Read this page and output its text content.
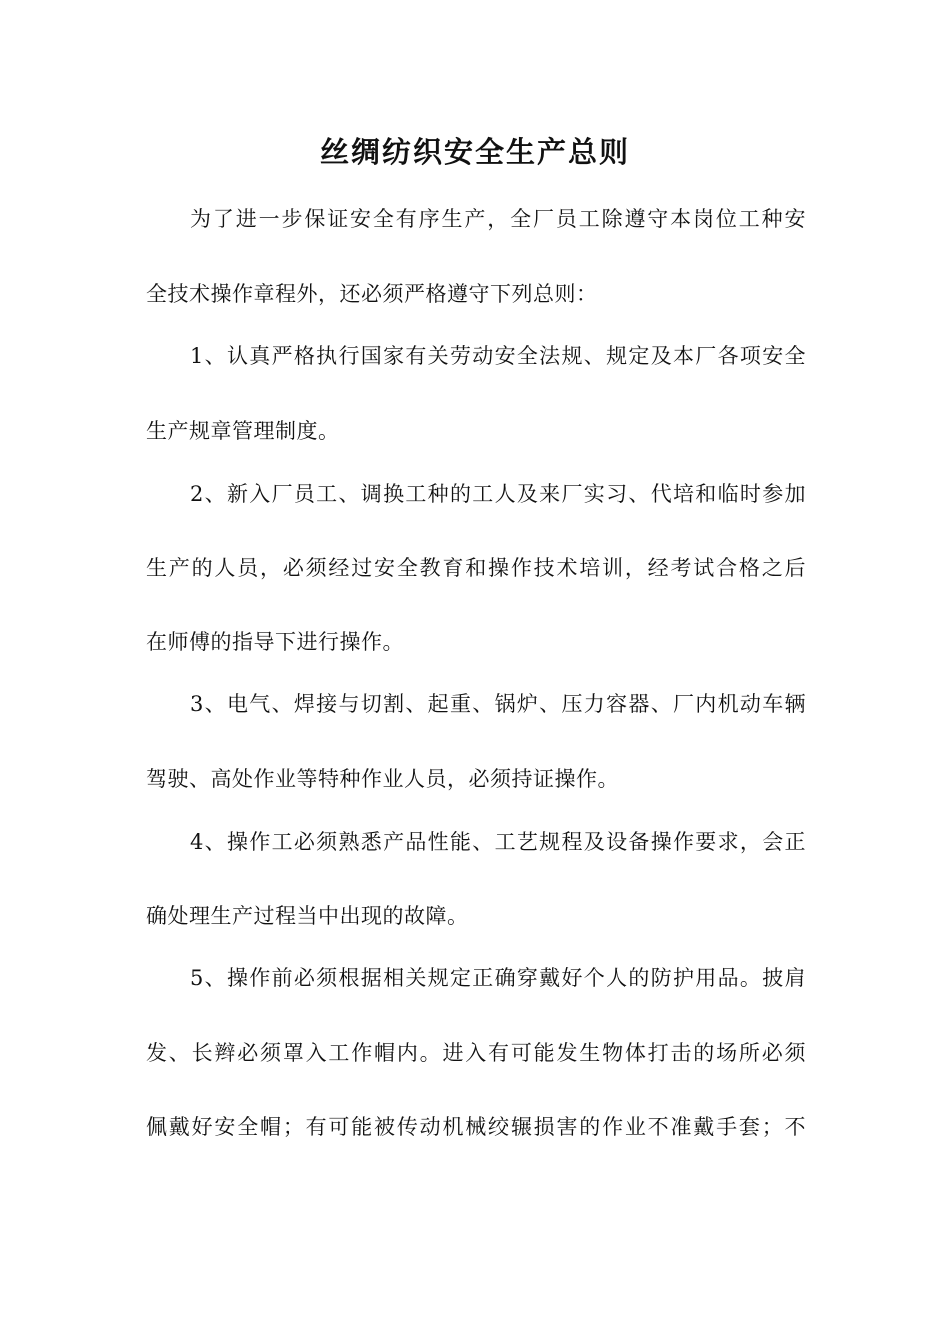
丝绸纺织安全生产总则
为了进一步保证安全有序生产，全厂员工除遵守本岗位工种安
全技术操作章程外，还必须严格遵守下列总则：
1、认真严格执行国家有关劳动安全法规、规定及本厂各项安全
生产规章管理制度。
2、新入厂员工、调换工种的工人及来厂实习、代培和临时参加
生产的人员，必须经过安全教育和操作技术培训，经考试合格之后
在师傅的指导下进行操作。
3、电气、焊接与切割、起重、锅炉、压力容器、厂内机动车辆
驾驶、高处作业等特种作业人员，必须持证操作。
4、操作工必须熟悉产品性能、工艺规程及设备操作要求，会正
确处理生产过程当中出现的故障。
5、操作前必须根据相关规定正确穿戴好个人的防护用品。披肩
发、长辫必须罩入工作帽内。进入有可能发生物体打击的场所必须
佩戴好安全帽；有可能被传动机械绞辗损害的作业不准戴手套；不
